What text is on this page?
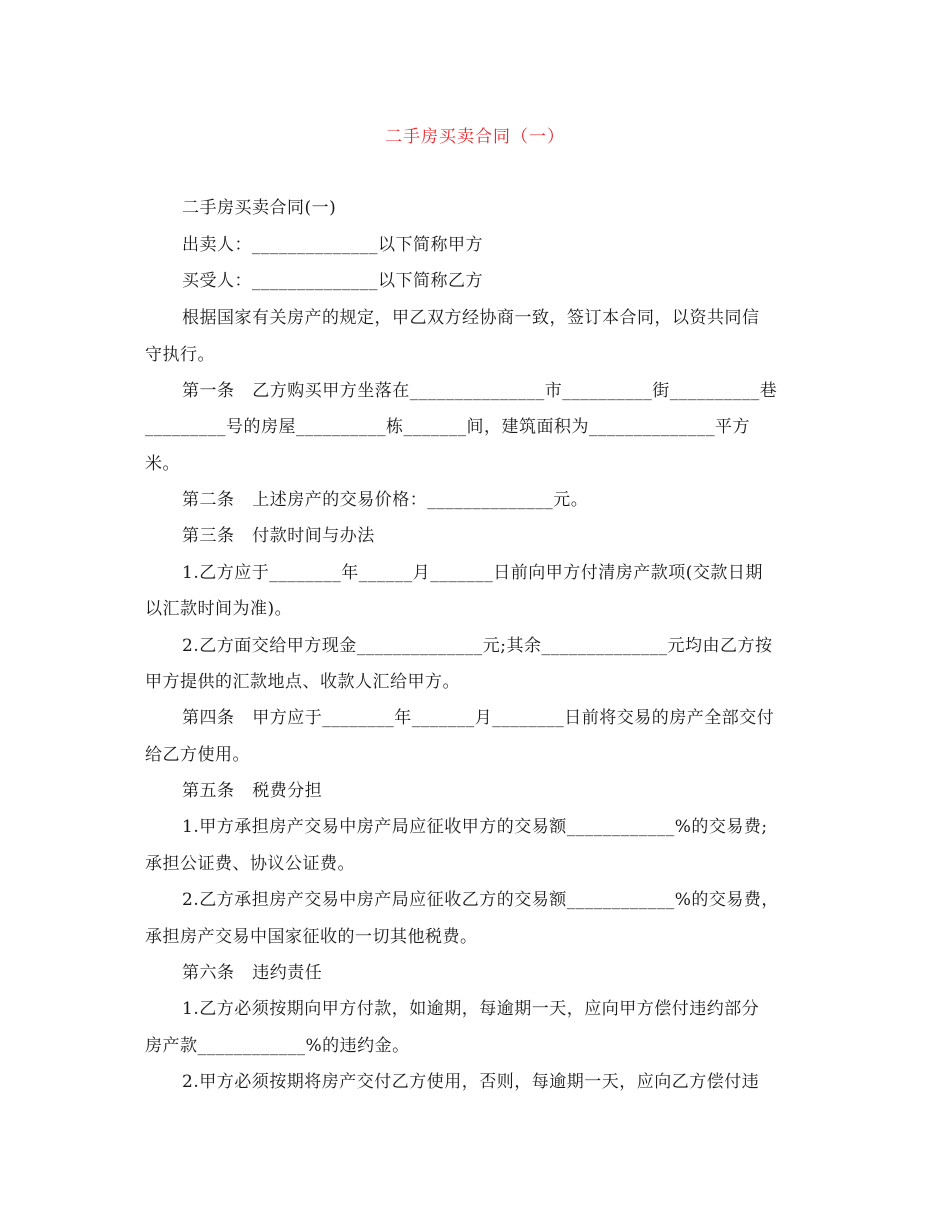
二手房买卖合同（一）
二手房买卖合同(一)
出卖人：______________以下简称甲方
买受人：______________以下简称乙方
根据国家有关房产的规定，甲乙双方经协商一致，签订本合同，以资共同信
守执行。
第一条   乙方购买甲方坐落在_______________市__________街__________巷
_________号的房屋__________栋_______间，建筑面积为______________平方
米。
第二条   上述房产的交易价格：______________元。
第三条   付款时间与办法
1.乙方应于________年______月_______日前向甲方付清房产款项(交款日期
以汇款时间为准)。
2.乙方面交给甲方现金______________元;其余______________元均由乙方按
甲方提供的汇款地点、收款人汇给甲方。
第四条   甲方应于________年_______月________日前将交易的房产全部交付
给乙方使用。
第五条   税费分担
1.甲方承担房产交易中房产局应征收甲方的交易额____________%的交易费;
承担公证费、协议公证费。
2.乙方承担房产交易中房产局应征收乙方的交易额____________%的交易费，
承担房产交易中国家征收的一切其他税费。
第六条   违约责任
1.乙方必须按期向甲方付款，如逾期，每逾期一天，应向甲方偿付违约部分
房产款____________%的违约金。
2.甲方必须按期将房产交付乙方使用，否则，每逾期一天，应向乙方偿付违
